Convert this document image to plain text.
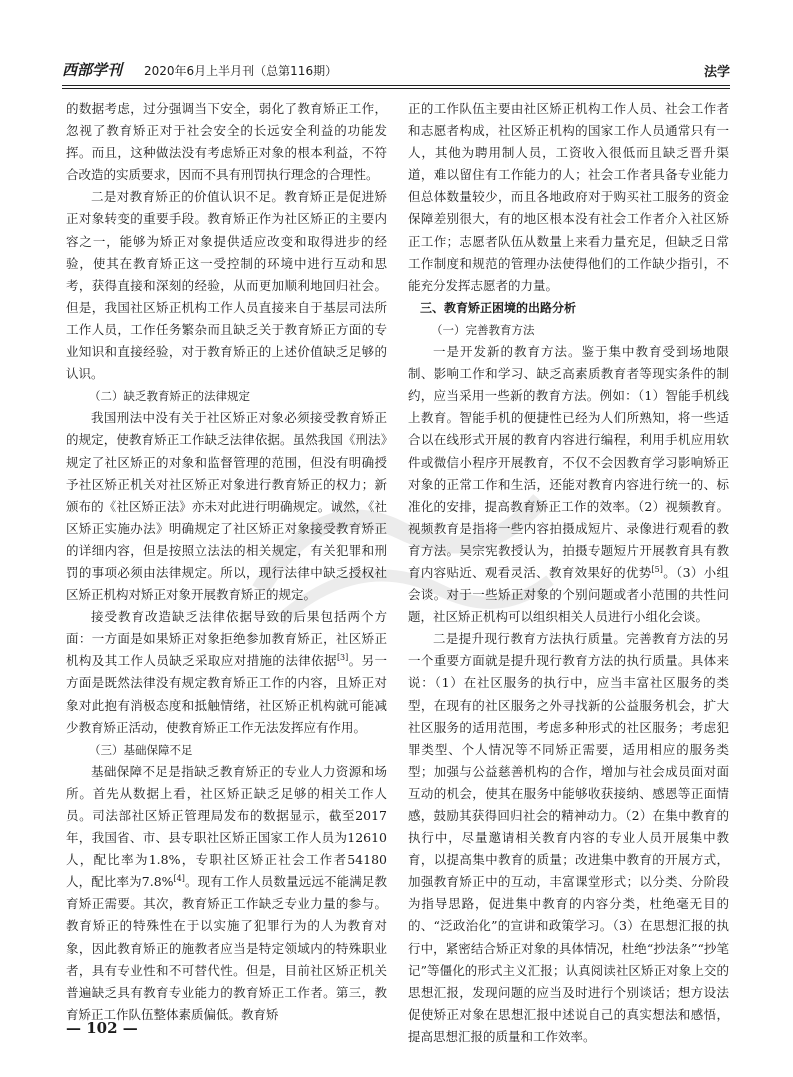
西部学刊 2020年6月上半月刊（总第116期）	法学

的数据考虑，过分强调当下安全，弱化了教育矫正工作，忽视了教育矫正对于社会安全的长远安全利益的功能发挥。而且，这种做法没有考虑矫正对象的根本利益，不符合改造的实质要求，因而不具有刑罚执行理念的合理性。

二是对教育矫正的价值认识不足。教育矫正是促进矫正对象转变的重要手段。教育矫正作为社区矫正的主要内容之一，能够为矫正对象提供适应改变和取得进步的经验，使其在教育矫正这一受控制的环境中进行互动和思考，获得直接和深刻的经验，从而更加顺利地回归社会。但是，我国社区矫正机构工作人员直接来自于基层司法所工作人员，工作任务繁杂而且缺乏关于教育矫正方面的专业知识和直接经验，对于教育矫正的上述价值缺乏足够的认识。

（二）缺乏教育矫正的法律规定

我国刑法中没有关于社区矫正对象必须接受教育矫正的规定，使教育矫正工作缺乏法律依据。虽然我国《刑法》规定了社区矫正的对象和监督管理的范围，但没有明确授予社区矫正机关对社区矫正对象进行教育矫正的权力；新颁布的《社区矫正法》亦未对此进行明确规定。诚然，《社区矫正实施办法》明确规定了社区矫正对象接受教育矫正的详细内容，但是按照立法法的相关规定，有关犯罪和刑罚的事项必须由法律规定。所以，现行法律中缺乏授权社区矫正机构对矫正对象开展教育矫正的规定。

接受教育改造缺乏法律依据导致的后果包括两个方面：一方面是如果矫正对象拒绝参加教育矫正，社区矫正机构及其工作人员缺乏采取应对措施的法律依据[3]。另一方面是既然法律没有规定教育矫正工作的内容，且矫正对象对此抱有消极态度和抵触情绪，社区矫正机构就可能减少教育矫正活动，使教育矫正工作无法发挥应有作用。

（三）基础保障不足

基础保障不足是指缺乏教育矫正的专业人力资源和场所。首先从数据上看，社区矫正缺乏足够的相关工作人员。司法部社区矫正管理局发布的数据显示，截至2017年，我国省、市、县专职社区矫正国家工作人员为12610人，配比率为1.8%，专职社区矫正社会工作者54180人，配比率为7.8%[4]。现有工作人员数量远远不能满足教育矫正需要。其次，教育矫正工作缺乏专业力量的参与。教育矫正的特殊性在于以实施了犯罪行为的人为教育对象，因此教育矫正的施教者应当是特定领域内的特殊职业者，具有专业性和不可替代性。但是，目前社区矫正机关普遍缺乏具有教育专业能力的教育矫正工作者。第三，教育矫正工作队伍整体素质偏低。教育矫

正的工作队伍主要由社区矫正机构工作人员、社会工作者和志愿者构成，社区矫正机构的国家工作人员通常只有一人，其他为聘用制人员，工资收入很低而且缺乏晋升渠道，难以留住有工作能力的人；社会工作者具备专业能力但总体数量较少，而且各地政府对于购买社工服务的资金保障差别很大，有的地区根本没有社会工作者介入社区矫正工作；志愿者队伍从数量上来看力量充足，但缺乏日常工作制度和规范的管理办法使得他们的工作缺少指引，不能充分发挥志愿者的力量。

三、教育矫正困境的出路分析

（一）完善教育方法

一是开发新的教育方法。鉴于集中教育受到场地限制、影响工作和学习、缺乏高素质教育者等现实条件的制约，应当采用一些新的教育方法。例如：（1）智能手机线上教育。智能手机的便捷性已经为人们所熟知，将一些适合以在线形式开展的教育内容进行编程，利用手机应用软件或微信小程序开展教育，不仅不会因教育学习影响矫正对象的正常工作和生活，还能对教育内容进行统一的、标准化的安排，提高教育矫正工作的效率。（2）视频教育。视频教育是指将一些内容拍摄成短片、录像进行观看的教育方法。吴宗宪教授认为，拍摄专题短片开展教育具有教育内容贴近、观看灵活、教育效果好的优势[5]。（3）小组会谈。对于一些矫正对象的个别问题或者小范围的共性问题，社区矫正机构可以组织相关人员进行小组化会谈。

二是提升现行教育方法执行质量。完善教育方法的另一个重要方面就是提升现行教育方法的执行质量。具体来说：（1）在社区服务的执行中，应当丰富社区服务的类型，在现有的社区服务之外寻找新的公益服务机会，扩大社区服务的适用范围，考虑多种形式的社区服务；考虑犯罪类型、个人情况等不同矫正需要，适用相应的服务类型；加强与公益慈善机构的合作，增加与社会成员面对面互动的机会，使其在服务中能够收获接纳、感恩等正面情感，鼓励其获得回归社会的精神动力。（2）在集中教育的执行中，尽量邀请相关教育内容的专业人员开展集中教育，以提高集中教育的质量；改进集中教育的开展方式，加强教育矫正中的互动，丰富课堂形式；以分类、分阶段为指导思路，促进集中教育的内容分类，杜绝毫无目的的、“泛政治化”的宣讲和政策学习。（3）在思想汇报的执行中，紧密结合矫正对象的具体情况，杜绝“抄法条”“抄笔记”等僵化的形式主义汇报；认真阅读社区矫正对象上交的思想汇报，发现问题的应当及时进行个别谈话；想方设法促使矫正对象在思想汇报中述说自己的真实想法和感悟，提高思想汇报的质量和工作效率。

— 102 —
